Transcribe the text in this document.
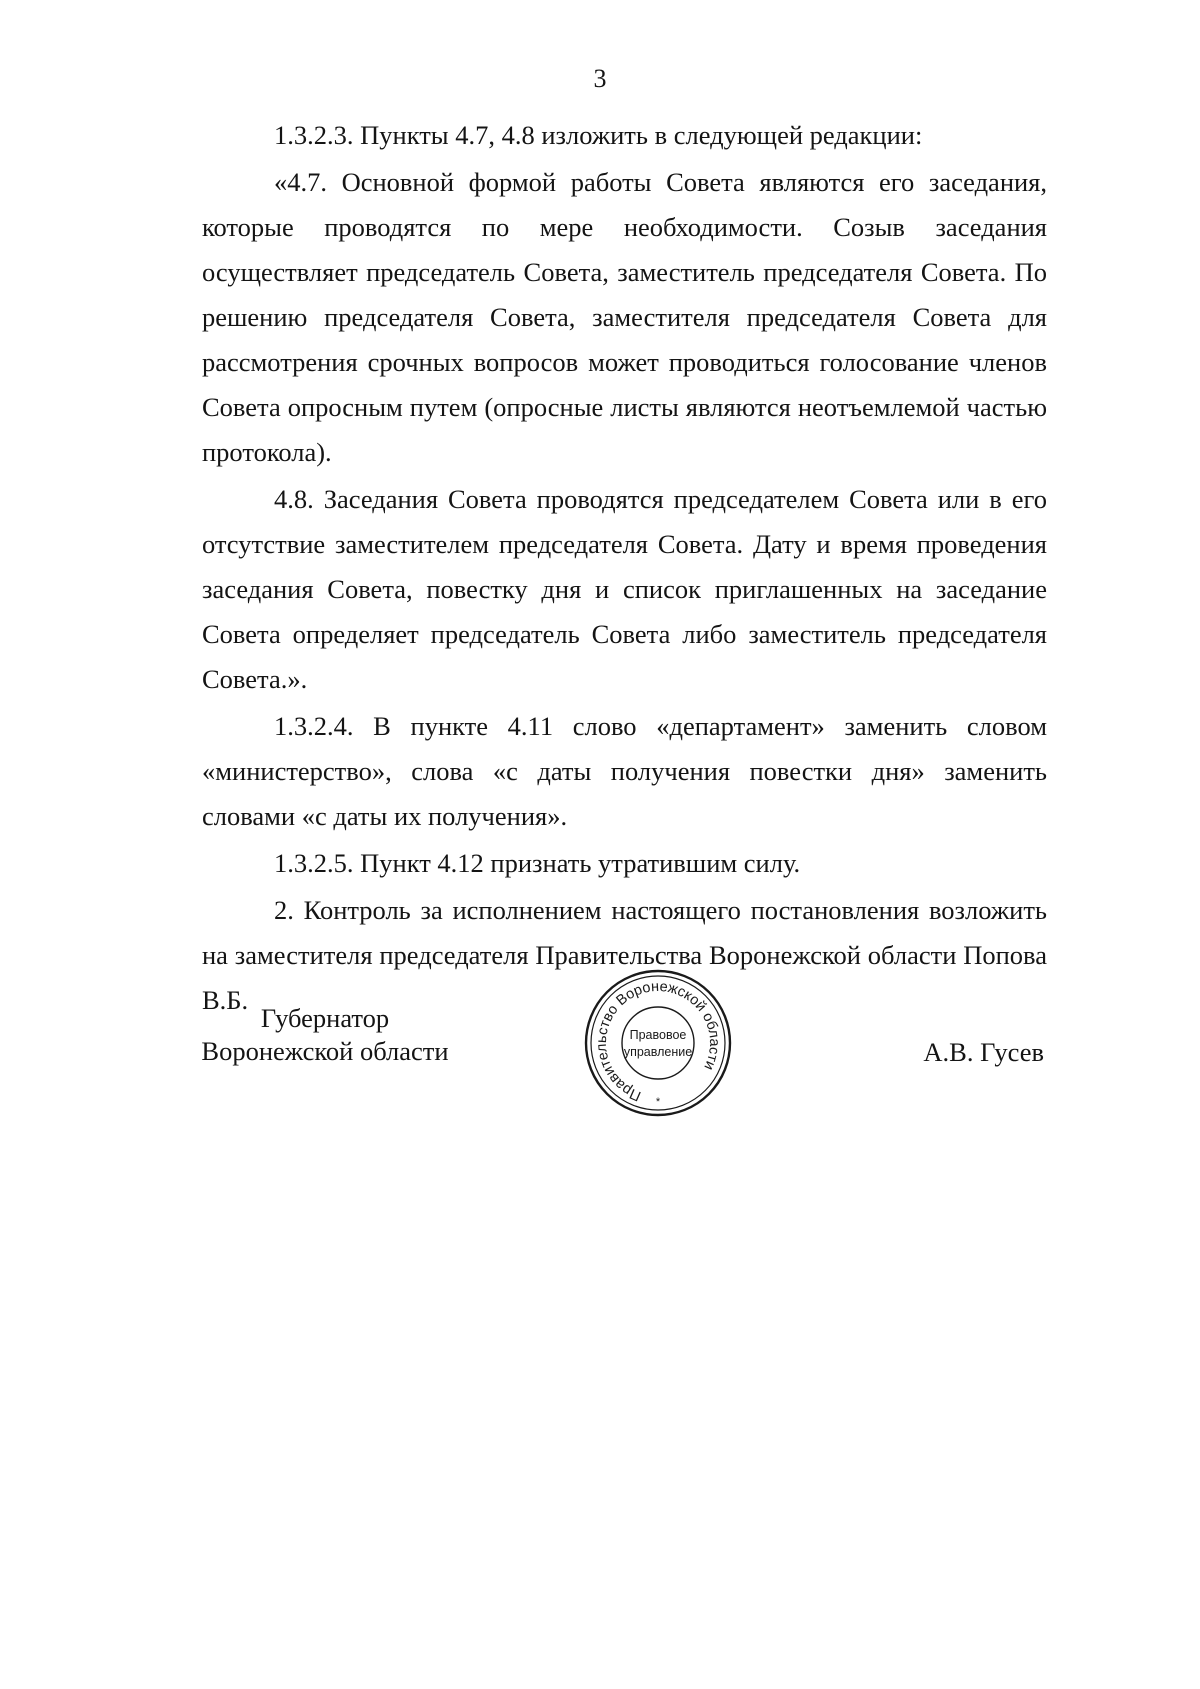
3

1.3.2.3. Пункты 4.7, 4.8 изложить в следующей редакции:

«4.7. Основной формой работы Совета являются его заседания, которые проводятся по мере необходимости. Созыв заседания осуществляет председатель Совета, заместитель председателя Совета. По решению председателя Совета, заместителя председателя Совета для рассмотрения срочных вопросов может проводиться голосование членов Совета опросным путем (опросные листы являются неотъемлемой частью протокола).

4.8. Заседания Совета проводятся председателем Совета или в его отсутствие заместителем председателя Совета. Дату и время проведения заседания Совета, повестку дня и список приглашенных на заседание Совета определяет председатель Совета либо заместитель председателя Совета.».

1.3.2.4. В пункте 4.11 слово «департамент» заменить словом «министерство», слова «с даты получения повестки дня» заменить словами «с даты их получения».

1.3.2.5. Пункт 4.12 признать утратившим силу.

2. Контроль за исполнением настоящего постановления возложить на заместителя председателя Правительства Воронежской области Попова В.Б.

Губернатор
Воронежской области
Правительство Воронежской области
Правовое
управление
*
А.В. Гусев
